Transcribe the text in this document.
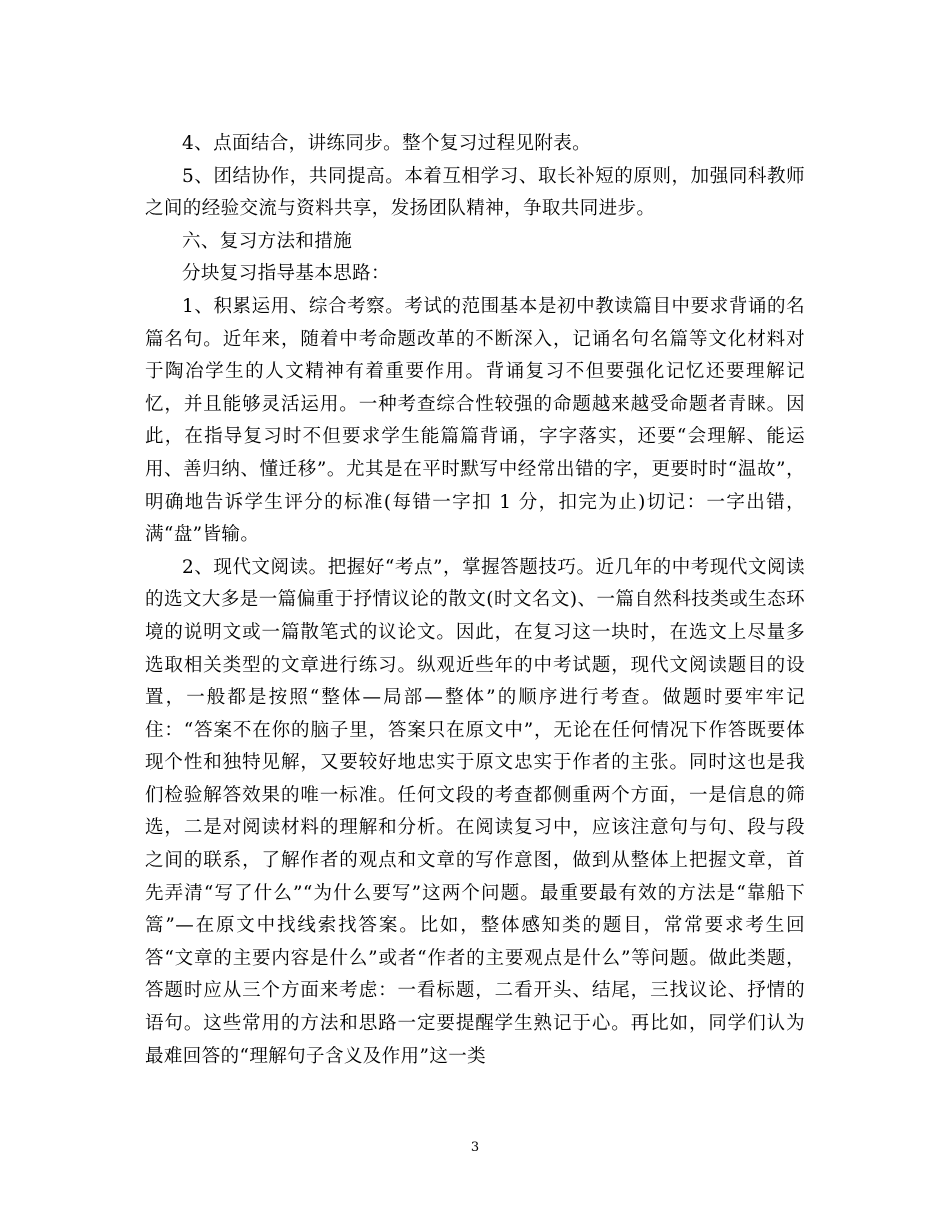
4、点面结合，讲练同步。整个复习过程见附表。

5、团结协作，共同提高。本着互相学习、取长补短的原则，加强同科教师之间的经验交流与资料共享，发扬团队精神，争取共同进步。

六、复习方法和措施

分块复习指导基本思路：

1、积累运用、综合考察。考试的范围基本是初中教读篇目中要求背诵的名篇名句。近年来，随着中考命题改革的不断深入，记诵名句名篇等文化材料对于陶冶学生的人文精神有着重要作用。背诵复习不但要强化记忆还要理解记忆，并且能够灵活运用。一种考查综合性较强的命题越来越受命题者青睐。因此，在指导复习时不但要求学生能篇篇背诵，字字落实，还要“会理解、能运用、善归纳、懂迁移”。尤其是在平时默写中经常出错的字，更要时时“温故”，明确地告诉学生评分的标准(每错一字扣 1 分，扣完为止)切记：一字出错，满“盘”皆输。

2、现代文阅读。把握好“考点”，掌握答题技巧。近几年的中考现代文阅读的选文大多是一篇偏重于抒情议论的散文(时文名文)、一篇自然科技类或生态环境的说明文或一篇散笔式的议论文。因此，在复习这一块时，在选文上尽量多选取相关类型的文章进行练习。纵观近些年的中考试题，现代文阅读题目的设置，一般都是按照“整体—局部—整体”的顺序进行考查。做题时要牢牢记住：“答案不在你的脑子里，答案只在原文中”，无论在任何情况下作答既要体现个性和独特见解，又要较好地忠实于原文忠实于作者的主张。同时这也是我们检验解答效果的唯一标准。任何文段的考查都侧重两个方面，一是信息的筛选，二是对阅读材料的理解和分析。在阅读复习中，应该注意句与句、段与段之间的联系，了解作者的观点和文章的写作意图，做到从整体上把握文章，首先弄清“写了什么”“为什么要写”这两个问题。最重要最有效的方法是“靠船下篙”—在原文中找线索找答案。比如，整体感知类的题目，常常要求考生回答“文章的主要内容是什么”或者“作者的主要观点是什么”等问题。做此类题，答题时应从三个方面来考虑：一看标题，二看开头、结尾，三找议论、抒情的语句。这些常用的方法和思路一定要提醒学生熟记于心。再比如，同学们认为最难回答的“理解句子含义及作用”这一类

3
